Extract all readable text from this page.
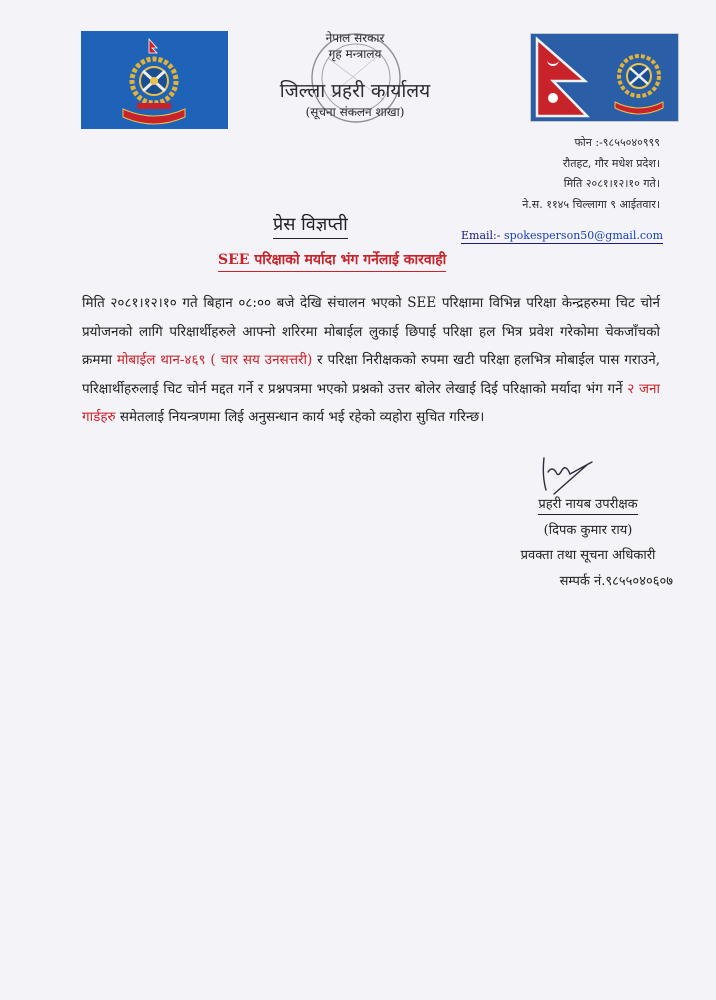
नेपाल सरकार
गृह मन्त्रालय
जिल्ला प्रहरी कार्यालय
(सूचना संकलन शाखा)
फोन :-९८५५०४०९९९
रौतहट, गौर मधेश प्रदेश।
मिति २०८१।१२।१० गते।
ने.स. ११४५ चिल्लागा ९ आईतवार।
प्रेस विज्ञप्ती
Email:- spokesperson50@gmail.com
SEE परिक्षाको मर्यादा भंग गर्नेलाई कारवाही

मिति २०८१।१२।१० गते बिहान ०८:०० बजे देखि संचालन भएको SEE परिक्षामा विभिन्न परिक्षा केन्द्रहरुमा चिट चोर्न प्रयोजनको लागि परिक्षार्थीहरुले आफ्नो शरिरमा मोबाईल लुकाई छिपाई परिक्षा हल भित्र प्रवेश गरेकोमा चेकजाँचको क्रममा मोबाईल थान-४६९ ( चार सय उनसत्तरी) र परिक्षा निरीक्षकको रुपमा खटी परिक्षा हलभित्र मोबाईल पास गराउने, परिक्षार्थीहरुलाई चिट चोर्न मद्दत गर्ने र प्रश्नपत्रमा भएको प्रश्नको उत्तर बोलेर लेखाई दिई परिक्षाको मर्यादा भंग गर्ने २ जना गार्डहरु समेतलाई नियन्त्रणमा लिई अनुसन्धान कार्य भई रहेको व्यहोरा सुचित गरिन्छ।

प्रहरी नायब उपरीक्षक
(दिपक कुमार राय)
प्रवक्ता तथा सूचना अधिकारी
सम्पर्क नं.९८५५०४०६०७
